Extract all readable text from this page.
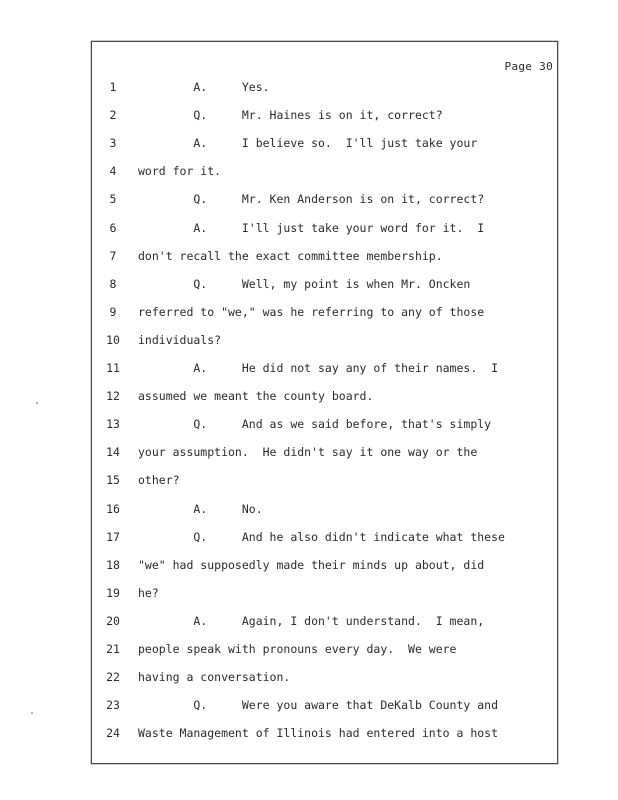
Page 30
1	A.     Yes.
2	Q.     Mr. Haines is on it, correct?
3	A.     I believe so.  I'll just take your
4	word for it.
5	Q.     Mr. Ken Anderson is on it, correct?
6	A.     I'll just take your word for it.  I
7	don't recall the exact committee membership.
8	Q.     Well, my point is when Mr. Oncken
9	referred to "we," was he referring to any of those
10 individuals?
11 A.     He did not say any of their names.  I
12 assumed we meant the county board.
13 Q.     And as we said before, that's simply
14 your assumption.  He didn't say it one way or the
15 other?
16 A.     No.
17 Q.     And he also didn't indicate what these
18 "we" had supposedly made their minds up about, did
19 he?
20 A.     Again, I don't understand.  I mean,
21 people speak with pronouns every day.  We were
22 having a conversation.
23 Q.     Were you aware that DeKalb County and
24 Waste Management of Illinois had entered into a host
